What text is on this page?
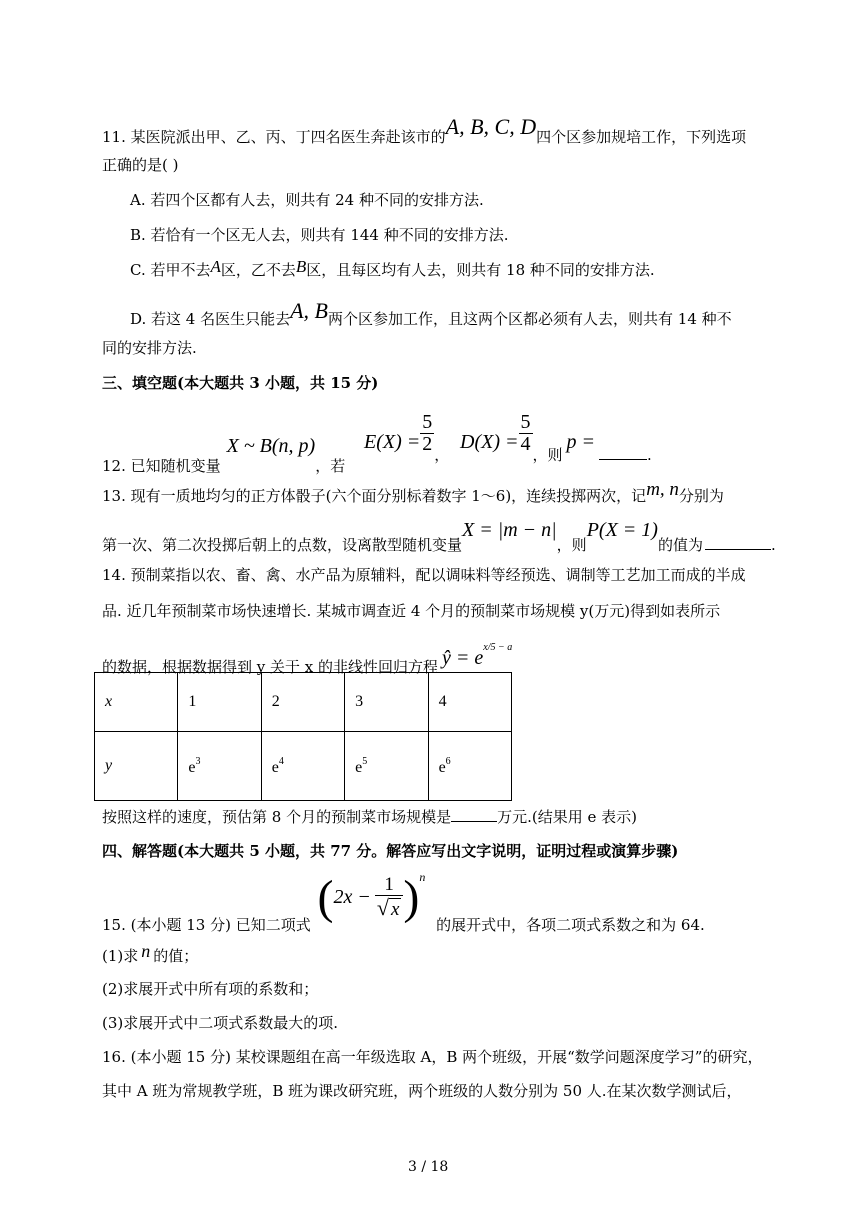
11. 某医院派出甲、乙、丙、丁四名医生奔赴该市的A, B, C, D四个区参加规培工作，下列选项
正确的是( )
A. 若四个区都有人去，则共有 24 种不同的安排方法.
B. 若恰有一个区无人去，则共有 144 种不同的安排方法.
C. 若甲不去A区，乙不去B区，且每区均有人去，则共有 18 种不同的安排方法.
D. 若这 4 名医生只能去A, B两个区参加工作，且这两个区都必须有人去，则共有 14 种不
同的安排方法.
三、填空题(本大题共 3 小题，共 15 分)
12. 已知随机变量X ~ B(n, p)，若 $E(X) = \frac{5}{2}$ ， $D(X) = \frac{5}{4}$ ，则p =.
13. 现有一质地均匀的正方体骰子(六个面分别标着数字 1～6)，连续投掷两次，记m, n分别为
第一次、第二次投掷后朝上的点数，设离散型随机变量X = |m − n|，则P(X = 1)的值为	.
14. 预制菜指以农、畜、禽、水产品为原辅料，配以调味料等经预选、调制等工艺加工而成的半成
品. 近几年预制菜市场快速增长. 某城市调查近 4 个月的预制菜市场规模 y(万元)得到如表所示
的数据，根据数据得到 y 关于 x 的非线性回归方程 ŷ = ex/5 − a
x	1	2	3	4
y	$e^3$	$e^4$	$e^5$	$e^6$
按照这样的速度，预估第 8 个月的预制菜市场规模是	万元.(结果用 e 表示)
四、解答题(本大题共 5 小题，共 77 分。解答应写出文字说明，证明过程或演算步骤)
15. (本小题 13 分) 已知二项式 $(2x - \frac{1}{√ x} )^n$ 的展开式中，各项二项式系数之和为 64.
(1)求 n 的值；
(2)求展开式中所有项的系数和；
(3)求展开式中二项式系数最大的项.
16. (本小题 15 分) 某校课题组在高一年级选取 A，B 两个班级，开展“数学问题深度学习”的研究，
其中 A 班为常规教学班，B 班为课改研究班，两个班级的人数分别为 50 人.在某次数学测试后，
3 / 18
